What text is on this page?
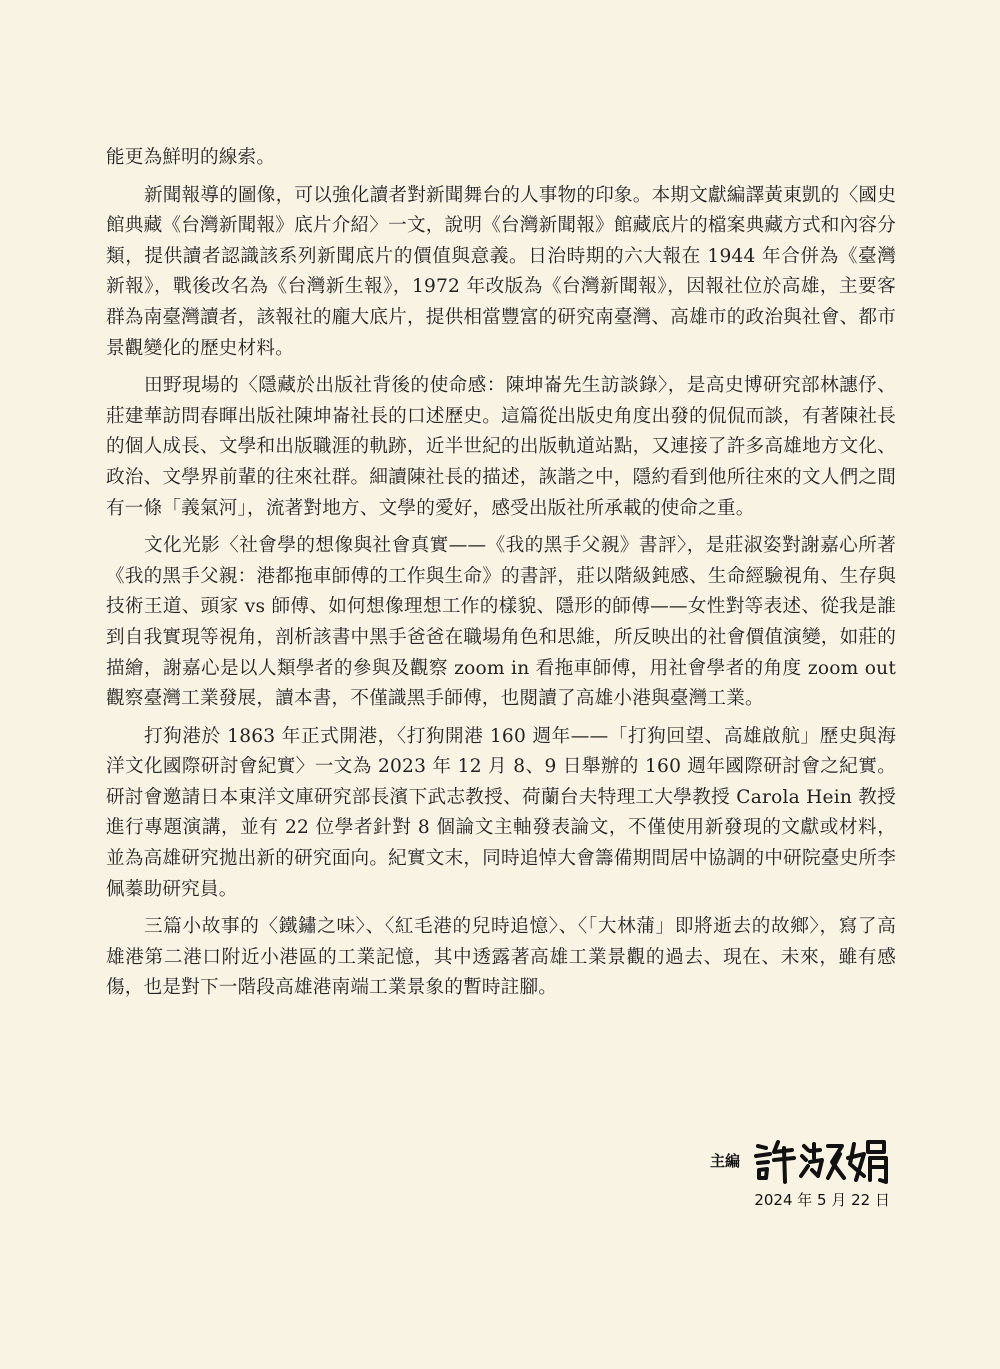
能更為鮮明的線索。

新聞報導的圖像，可以強化讀者對新聞舞台的人事物的印象。本期文獻編譯黃東凱的〈國史館典藏《台灣新聞報》底片介紹〉一文，說明《台灣新聞報》館藏底片的檔案典藏方式和內容分類，提供讀者認識該系列新聞底片的價值與意義。日治時期的六大報在 1944 年合併為《臺灣新報》，戰後改名為《台灣新生報》，1972 年改版為《台灣新聞報》，因報社位於高雄，主要客群為南臺灣讀者，該報社的龐大底片，提供相當豐富的研究南臺灣、高雄市的政治與社會、都市景觀變化的歷史材料。

田野現場的〈隱藏於出版社背後的使命感：陳坤崙先生訪談錄〉，是高史博研究部林譓伃、莊建華訪問春暉出版社陳坤崙社長的口述歷史。這篇從出版史角度出發的侃侃而談，有著陳社長的個人成長、文學和出版職涯的軌跡，近半世紀的出版軌道站點，又連接了許多高雄地方文化、政治、文學界前輩的往來社群。細讀陳社長的描述，詼諧之中，隱約看到他所往來的文人們之間有一條「義氣河」，流著對地方、文學的愛好，感受出版社所承載的使命之重。

文化光影〈社會學的想像與社會真實——《我的黑手父親》書評〉，是莊淑姿對謝嘉心所著《我的黑手父親：港都拖車師傅的工作與生命》的書評，莊以階級鈍感、生命經驗視角、生存與技術王道、頭家 vs 師傅、如何想像理想工作的樣貌、隱形的師傅——女性對等表述、從我是誰到自我實現等視角，剖析該書中黑手爸爸在職場角色和思維，所反映出的社會價值演變，如莊的描繪，謝嘉心是以人類學者的參與及觀察 zoom in 看拖車師傅，用社會學者的角度 zoom out 觀察臺灣工業發展，讀本書，不僅識黑手師傅，也閱讀了高雄小港與臺灣工業。

打狗港於 1863 年正式開港，〈打狗開港 160 週年——「打狗回望、高雄啟航」歷史與海洋文化國際研討會紀實〉一文為 2023 年 12 月 8、9 日舉辦的 160 週年國際研討會之紀實。研討會邀請日本東洋文庫研究部長濱下武志教授、荷蘭台夫特理工大學教授 Carola Hein 教授進行專題演講，並有 22 位學者針對 8 個論文主軸發表論文，不僅使用新發現的文獻或材料，並為高雄研究拋出新的研究面向。紀實文末，同時追悼大會籌備期間居中協調的中研院臺史所李佩蓁助研究員。

三篇小故事的〈鐵鏽之味〉、〈紅毛港的兒時追憶〉、〈「大林蒲」即將逝去的故鄉〉，寫了高雄港第二港口附近小港區的工業記憶，其中透露著高雄工業景觀的過去、現在、未來，雖有感傷，也是對下一階段高雄港南端工業景象的暫時註腳。

主編
2024 年 5 月 22 日
